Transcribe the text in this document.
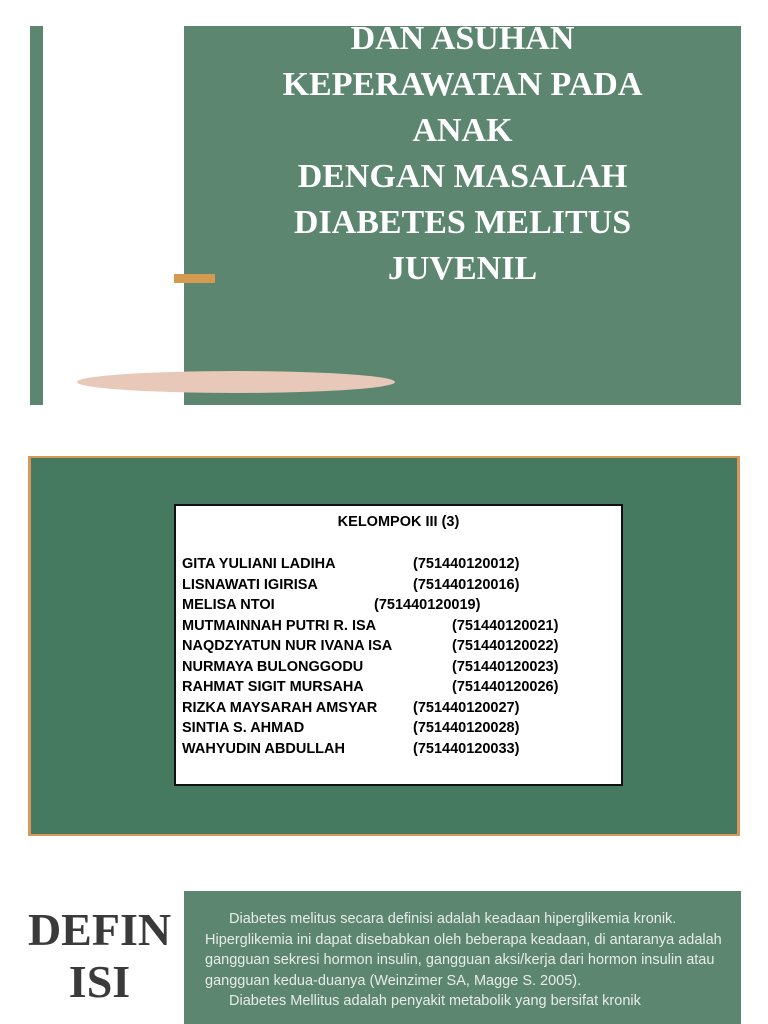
DAN ASUHAN
KEPERAWATAN PADA
ANAK
DENGAN MASALAH
DIABETES MELITUS
JUVENIL
KELOMPOK III (3)
GITA YULIANI LADIHA	(751440120012)
LISNAWATI IGIRISA	(751440120016)
MELISA NTOI	(751440120019)
MUTMAINNAH PUTRI R. ISA	(751440120021)
NAQDZYATUN NUR IVANA ISA	(751440120022)
NURMAYA BULONGGODU	(751440120023)
RAHMAT SIGIT MURSAHA	(751440120026)
RIZKA MAYSARAH AMSYAR (751440120027)
SINTIA S. AHMAD	(751440120028)
WAHYUDIN ABDULLAH	(751440120033)
DEFIN
ISI

Diabetes melitus secara definisi adalah keadaan hiperglikemia kronik. Hiperglikemia ini dapat disebabkan oleh beberapa keadaan, di antaranya adalah gangguan sekresi hormon insulin, gangguan aksi/kerja dari hormon insulin atau gangguan kedua-duanya (Weinzimer SA, Magge S. 2005).

Diabetes Mellitus adalah penyakit metabolik yang bersifat kronik
